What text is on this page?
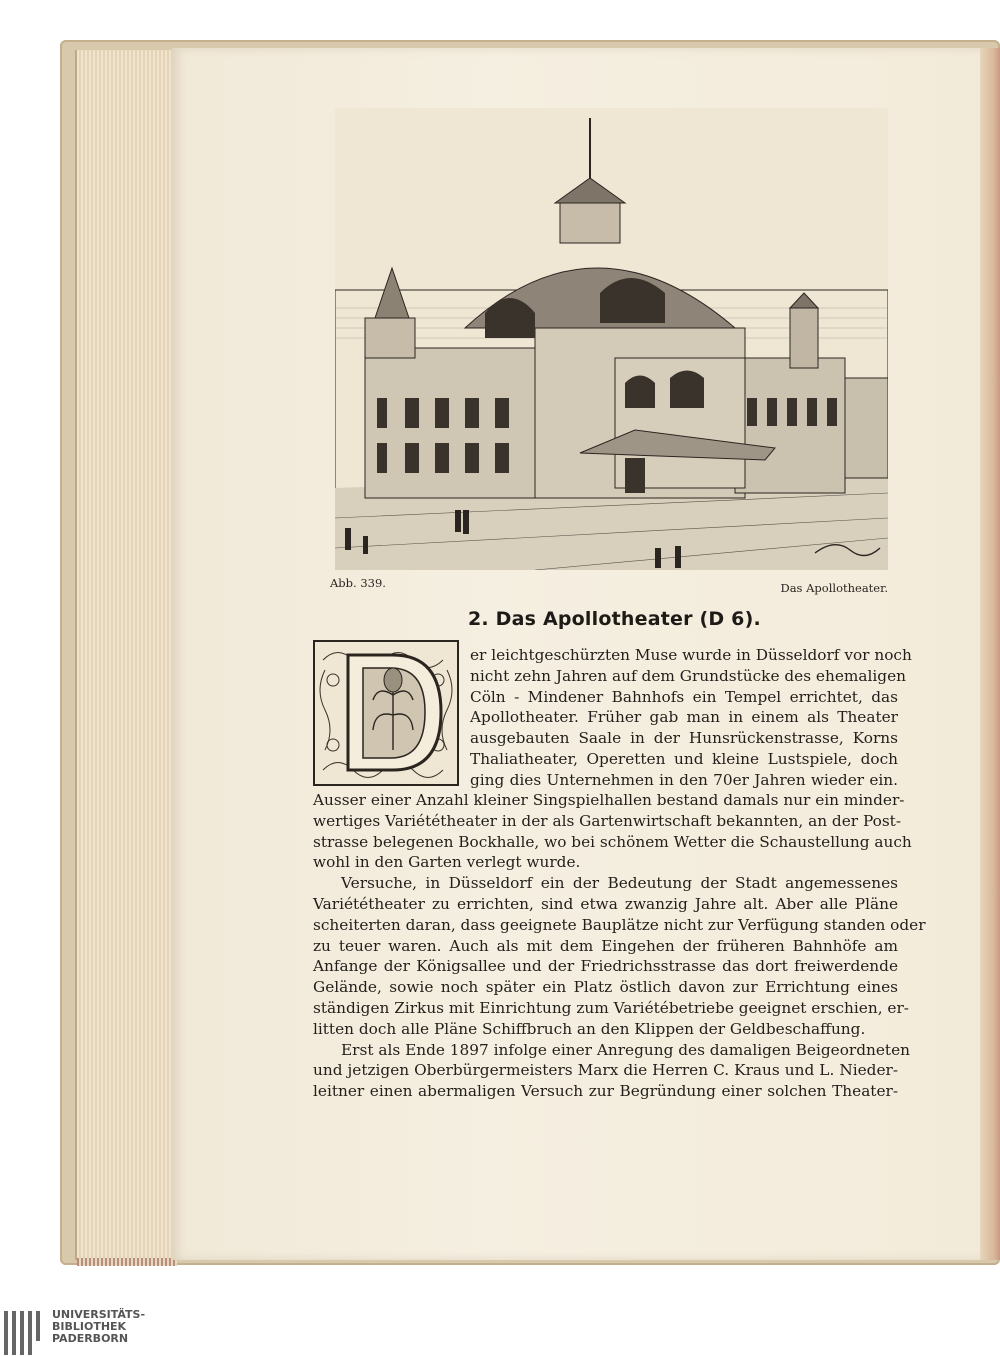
Abb. 339.	Das Apollotheater.
2. Das Apollotheater (D 6).
er leichtgeschürzten Muse wurde in Düsseldorf vor noch
nicht zehn Jahren auf dem Grundstücke des ehemaligen
Cöln - Mindener Bahnhofs ein Tempel errichtet, das
Apollotheater. Früher gab man in einem als Theater
ausgebauten Saale in der Hunsrückenstrasse, Korns
Thaliatheater, Operetten und kleine Lustspiele, doch
ging dies Unternehmen in den 70er Jahren wieder ein.
Ausser einer Anzahl kleiner Singspielhallen bestand damals nur ein minder-
wertiges Variététheater in der als Gartenwirtschaft bekannten, an der Post-
strasse belegenen Bockhalle, wo bei schönem Wetter die Schaustellung auch
wohl in den Garten verlegt wurde.
Versuche, in Düsseldorf ein der Bedeutung der Stadt angemessenes
Variététheater zu errichten, sind etwa zwanzig Jahre alt. Aber alle Pläne
scheiterten daran, dass geeignete Bauplätze nicht zur Verfügung standen oder
zu teuer waren. Auch als mit dem Eingehen der früheren Bahnhöfe am
Anfange der Königsallee und der Friedrichsstrasse das dort freiwerdende
Gelände, sowie noch später ein Platz östlich davon zur Errichtung eines
ständigen Zirkus mit Einrichtung zum Variétébetriebe geeignet erschien, er-
litten doch alle Pläne Schiffbruch an den Klippen der Geldbeschaffung.
Erst als Ende 1897 infolge einer Anregung des damaligen Beigeordneten
und jetzigen Oberbürgermeisters Marx die Herren C. Kraus und L. Nieder-
leitner einen abermaligen Versuch zur Begründung einer solchen Theater-
UNIVERSITÄTS-
BIBLIOTHEK
PADERBORN
